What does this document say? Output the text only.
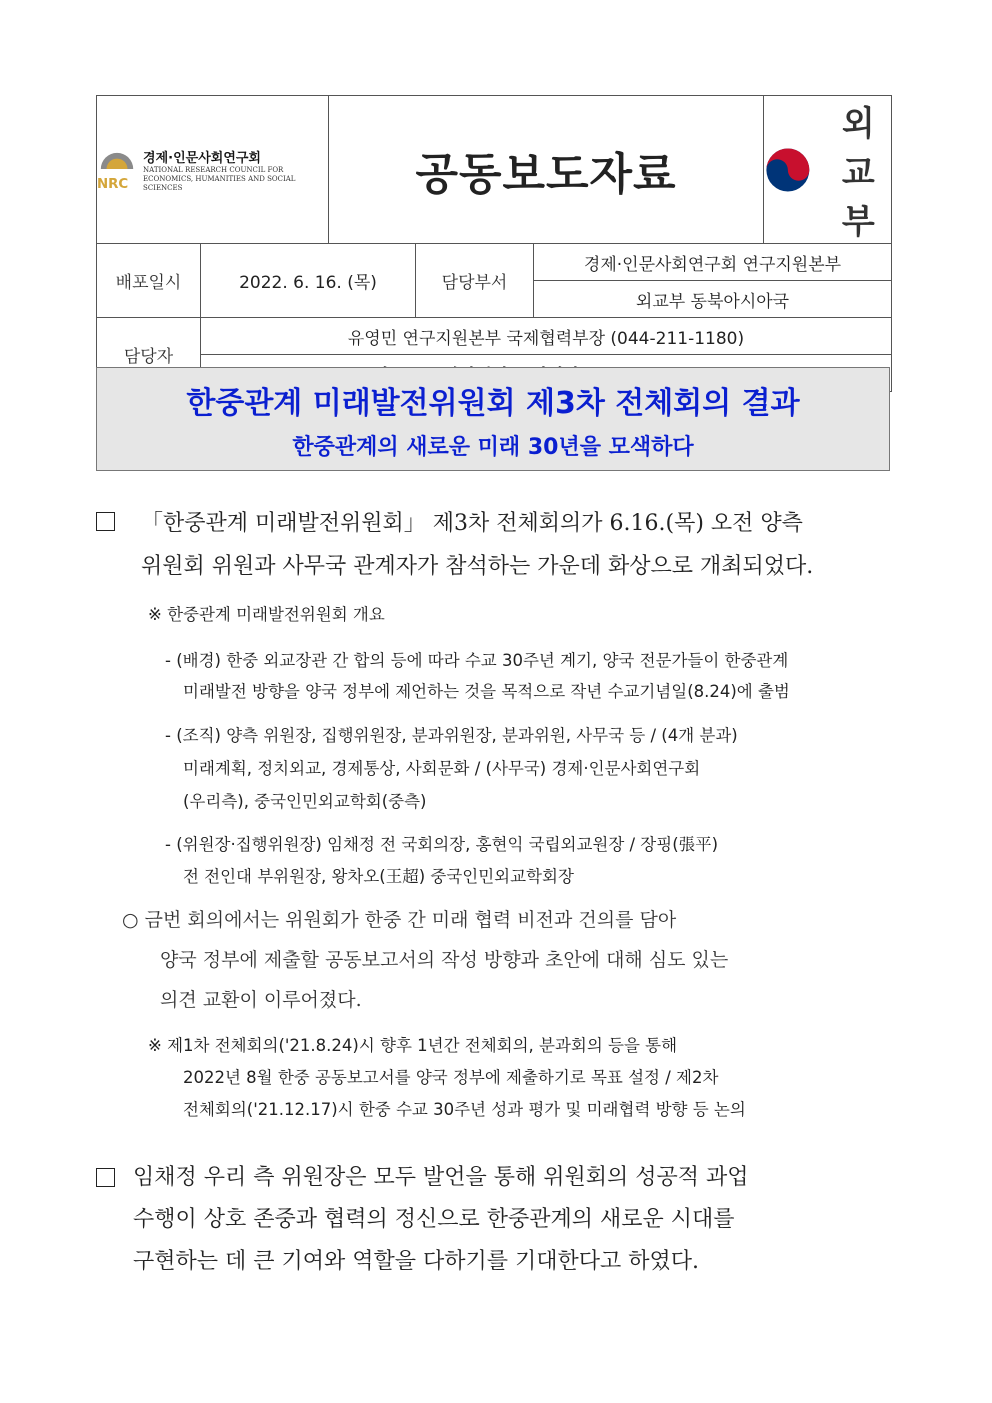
NRC
경제·인문사회연구회
NATIONAL RESEARCH COUNCIL FOR
ECONOMICS, HUMANITIES AND SOCIAL SCIENCES		공동보도자료			외교부

배포일시	2022. 6. 16. (목)		담당부서	경제·인문사회연구회 연구지원본부	
				외교부 동북아시아국	
담당자	유영민 연구지원본부 국제협력부장 (044-211-1180)				

한중관계 미래발전위원회 제3차 전체회의 결과
한중관계의 새로운 미래 30년을 모색하다
「한중관계 미래발전위원회」 제3차 전체회의가 6.16.(목) 오전 양측
위원회 위원과 사무국 관계자가 참석하는 가운데 화상으로 개최되었다.
※ 한중관계 미래발전위원회 개요
- (배경) 한중 외교장관 간 합의 등에 따라 수교 30주년 계기, 양국 전문가들이 한중관계
미래발전 방향을 양국 정부에 제언하는 것을 목적으로 작년 수교기념일(8.24)에 출범
- (조직) 양측 위원장, 집행위원장, 분과위원장, 분과위원, 사무국 등 / (4개 분과)
미래계획, 정치외교, 경제통상, 사회문화 / (사무국) 경제·인문사회연구회
(우리측), 중국인민외교학회(중측)
- (위원장·집행위원장) 임채정 전 국회의장, 홍현익 국립외교원장 / 장핑(張平)
전 전인대 부위원장, 왕차오(王超) 중국인민외교학회장
○ 금번 회의에서는 위원회가 한중 간 미래 협력 비전과 건의를 담아
양국 정부에 제출할 공동보고서의 작성 방향과 초안에 대해 심도 있는
의견 교환이 이루어졌다.
※ 제1차 전체회의('21.8.24)시 향후 1년간 전체회의, 분과회의 등을 통해
2022년 8월 한중 공동보고서를 양국 정부에 제출하기로 목표 설정 / 제2차
전체회의('21.12.17)시 한중 수교 30주년 성과 평가 및 미래협력 방향 등 논의
임채정 우리 측 위원장은 모두 발언을 통해 위원회의 성공적 과업
수행이 상호 존중과 협력의 정신으로 한중관계의 새로운 시대를
구현하는 데 큰 기여와 역할을 다하기를 기대한다고 하였다.
